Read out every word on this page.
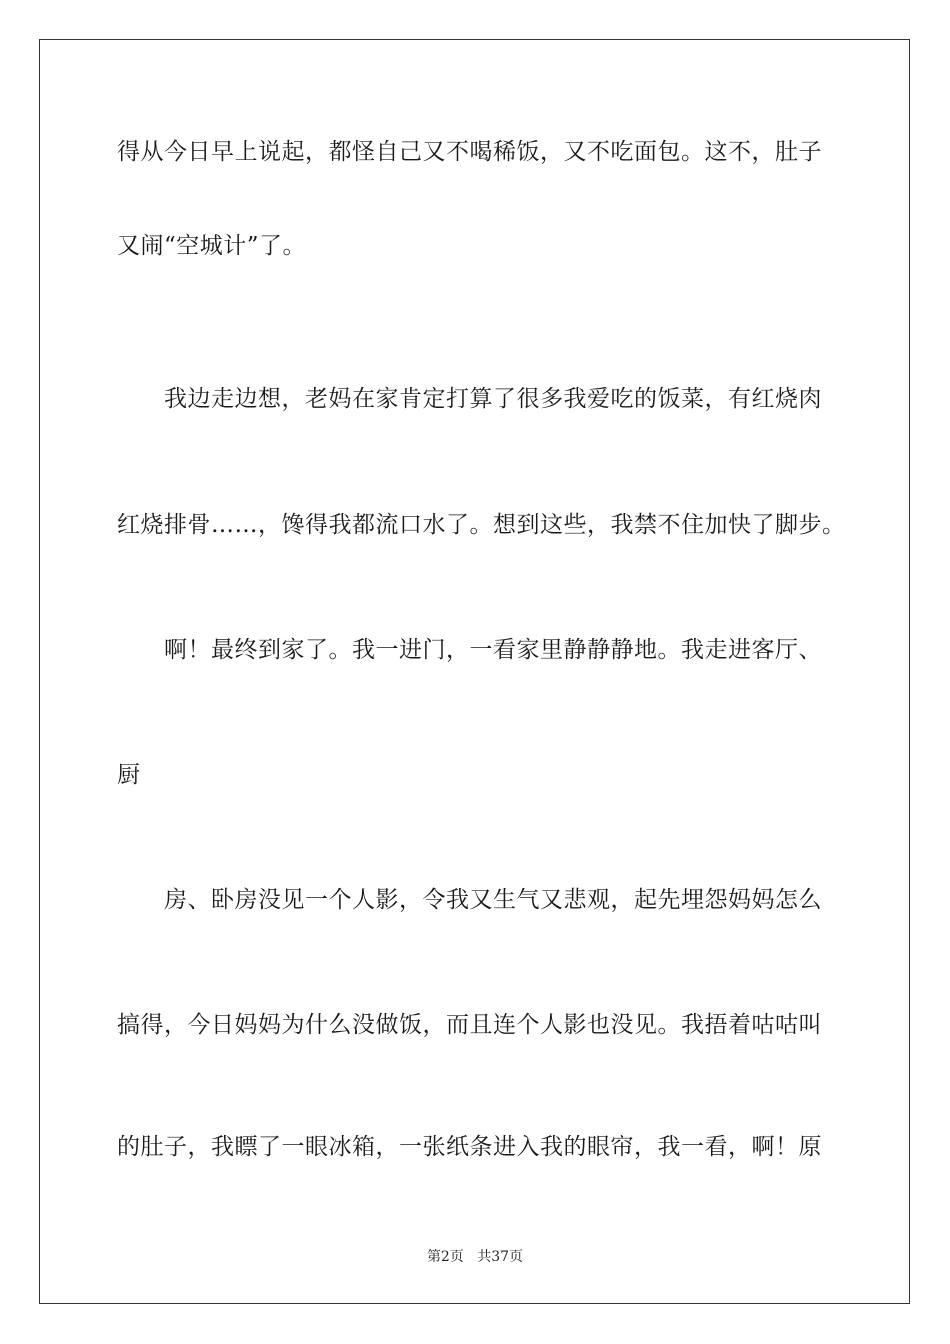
得从今日早上说起，都怪自己又不喝稀饭，又不吃面包。这不，肚子
又闹“空城计”了。
　　我边走边想，老妈在家肯定打算了很多我爱吃的饭菜，有红烧肉
红烧排骨……，馋得我都流口水了。想到这些，我禁不住加快了脚步。
　　啊！最终到家了。我一进门，一看家里静静静地。我走进客厅、
厨
　　房、卧房没见一个人影，令我又生气又悲观，起先埋怨妈妈怎么
搞得，今日妈妈为什么没做饭，而且连个人影也没见。我捂着咕咕叫
的肚子，我瞟了一眼冰箱，一张纸条进入我的眼帘，我一看，啊！原
第2页 共37页
